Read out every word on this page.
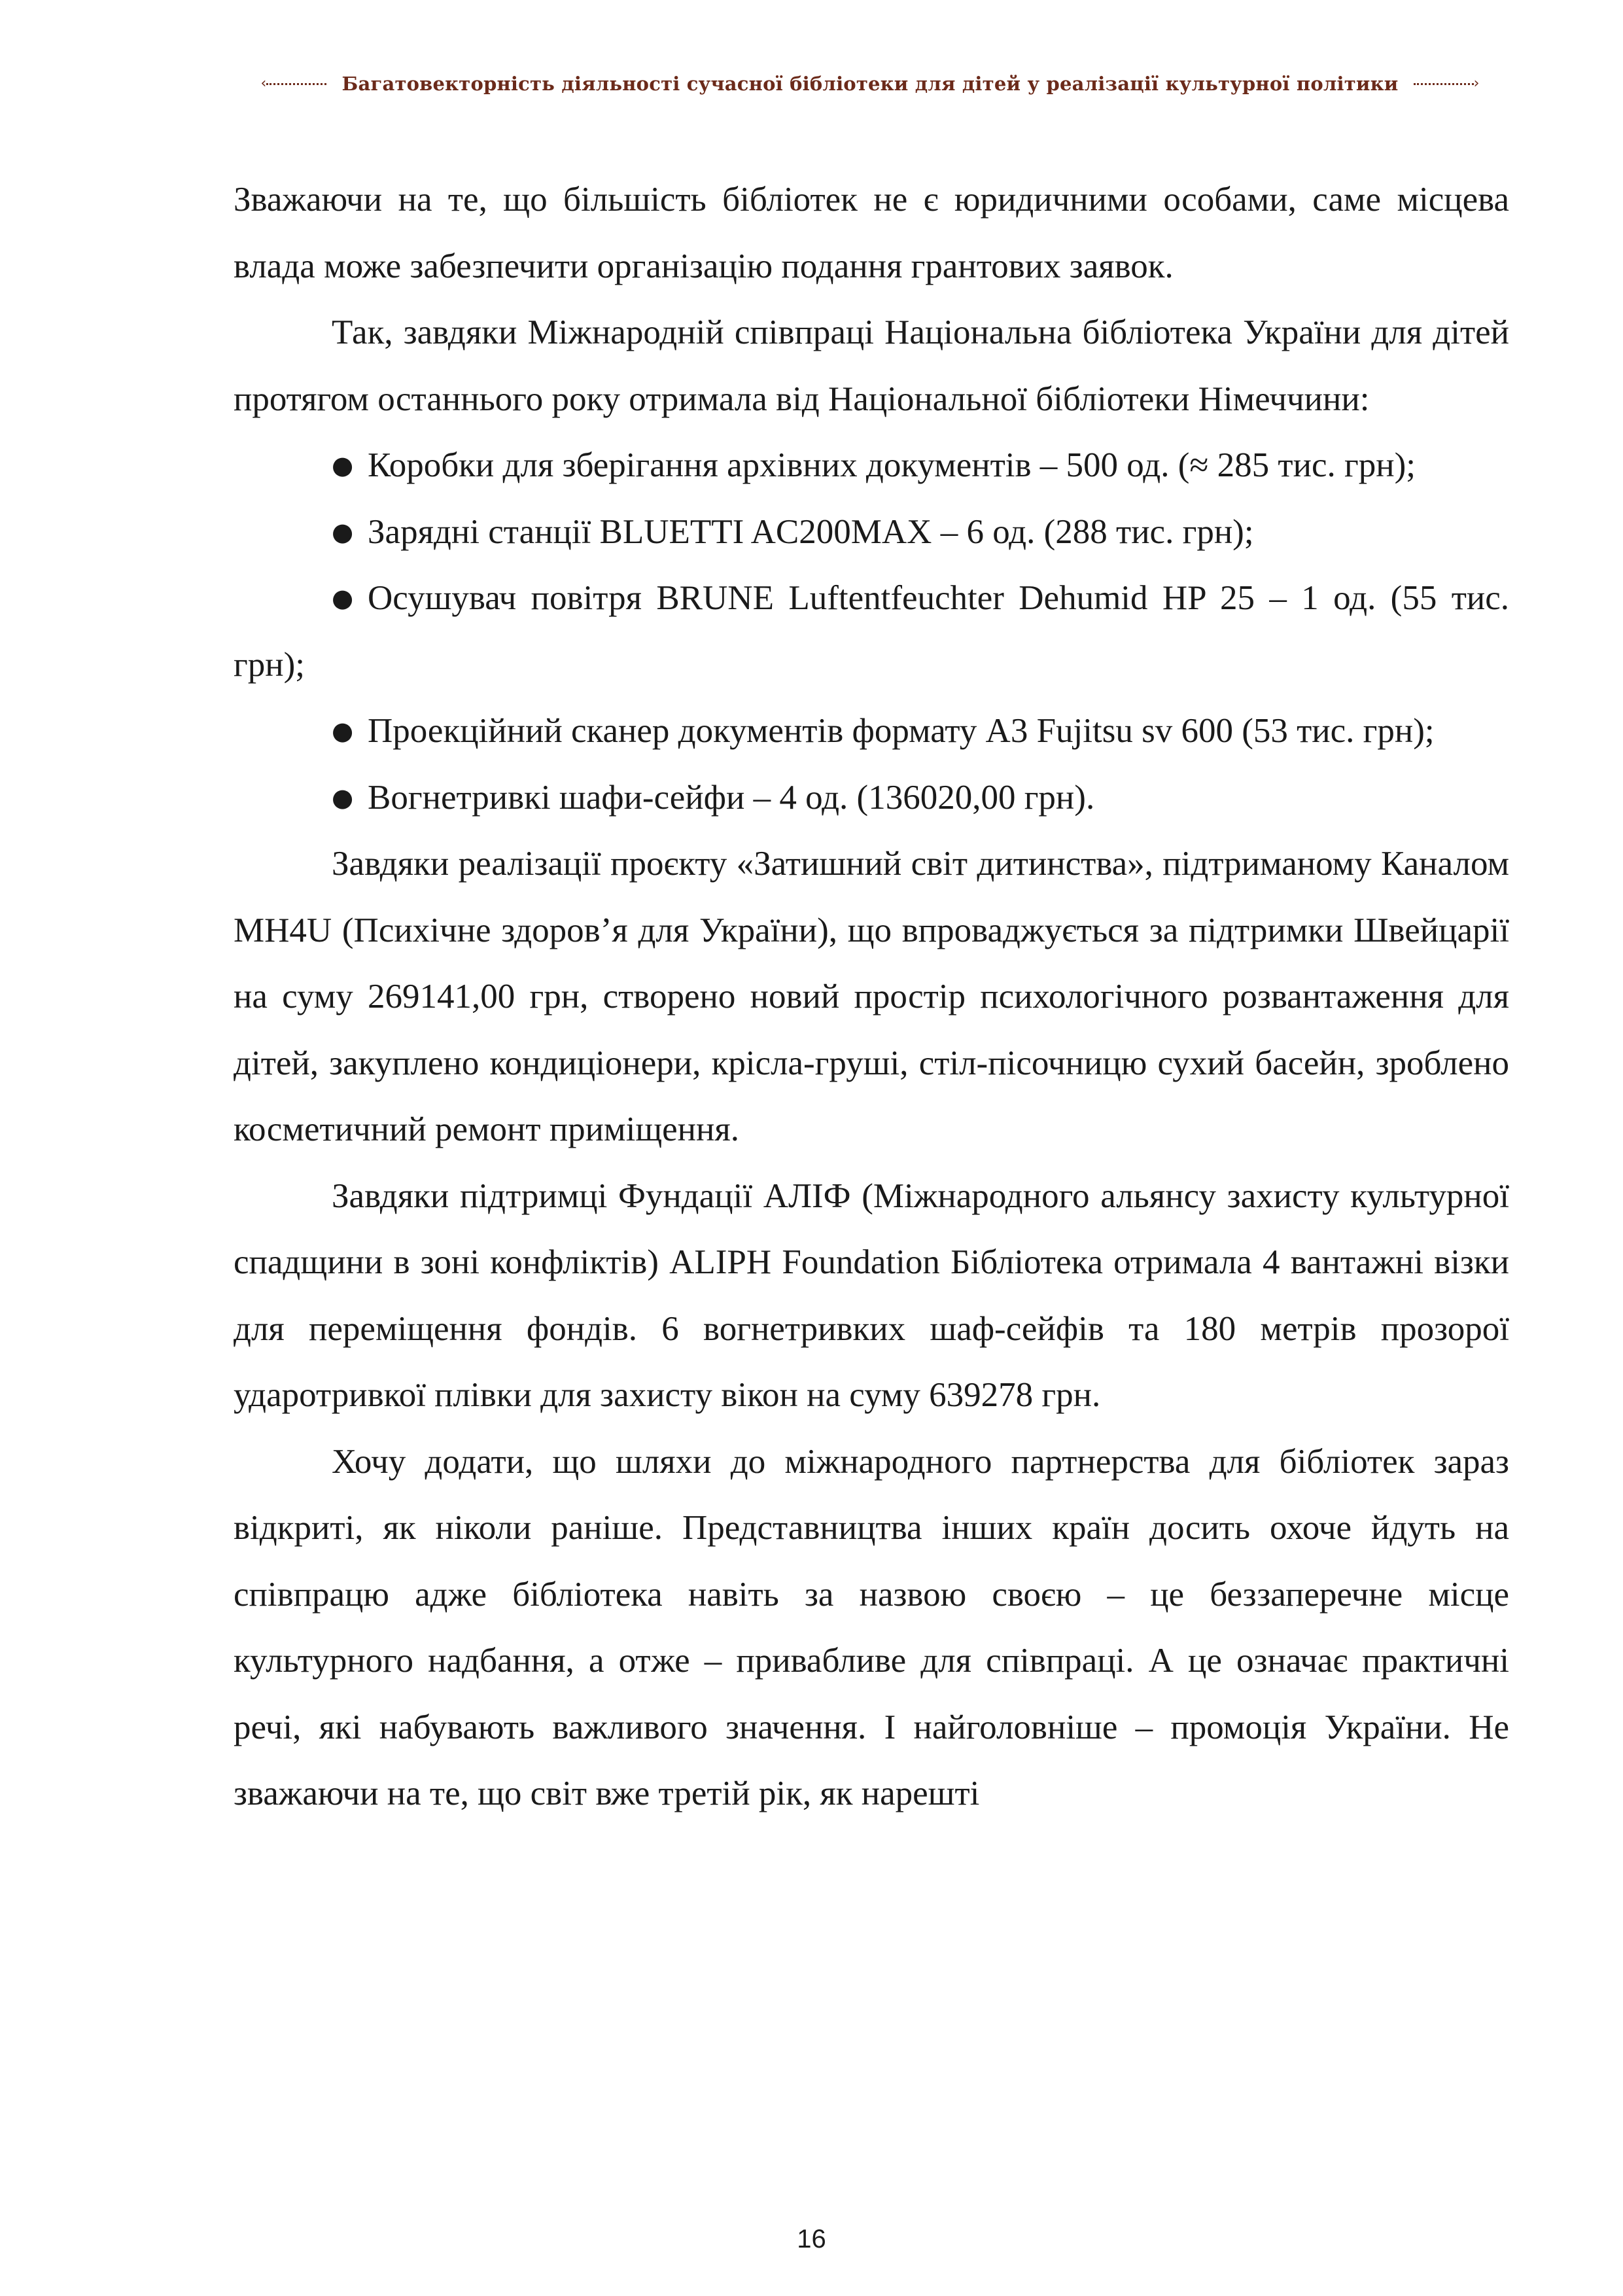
‹	Багатовекторність діяльності сучасної бібліотеки для дітей у реалізації культурної політики	›

Зважаючи на те, що більшість бібліотек не є юридичними особами, саме місцева влада може забезпечити організацію подання грантових заявок.

Так, завдяки Міжнародній співпраці Національна бібліотека України для дітей протягом останнього року отримала від Національної бібліотеки Німеччини:

● Коробки для зберігання архівних документів – 500 од. (≈ 285 тис. грн);

● Зарядні станції BLUETTI AC200MAX – 6 од. (288 тис. грн);

● Осушувач повітря BRUNE Luftentfeuchter Dehumid HP 25 – 1 од. (55 тис. грн);

● Проекційний сканер документів формату А3 Fujitsu sv 600 (53 тис. грн);

● Вогнетривкі шафи-сейфи – 4 од. (136020,00 грн).

Завдяки реалізації проєкту «Затишний світ дитинства», підтриманому Каналом MH4U (Психічне здоров’я для України), що впроваджується за підтримки Швейцарії на суму 269141,00 грн, створено новий простір психологічного розвантаження для дітей, закуплено кондиціонери, крісла-груші, стіл-пісочницю сухий басейн, зроблено косметичний ремонт приміщення.

Завдяки підтримці Фундації АЛІФ (Міжнародного альянсу захисту культурної спадщини в зоні конфліктів) ALIPH Foundation Бібліотека отримала 4 вантажні візки для переміщення фондів. 6 вогнетривких шаф-сейфів та 180 метрів прозорої ударотривкої плівки для захисту вікон на суму 639278 грн.

Хочу додати, що шляхи до міжнародного партнерства для бібліотек зараз відкриті, як ніколи раніше. Представництва інших країн досить охоче йдуть на співпрацю адже бібліотека навіть за назвою своєю – це беззаперечне місце культурного надбання, а отже – привабливе для співпраці. А це означає практичні речі, які набувають важливого значення. І найголовніше – промоція України. Не зважаючи на те, що світ вже третій рік, як нарешті

16
